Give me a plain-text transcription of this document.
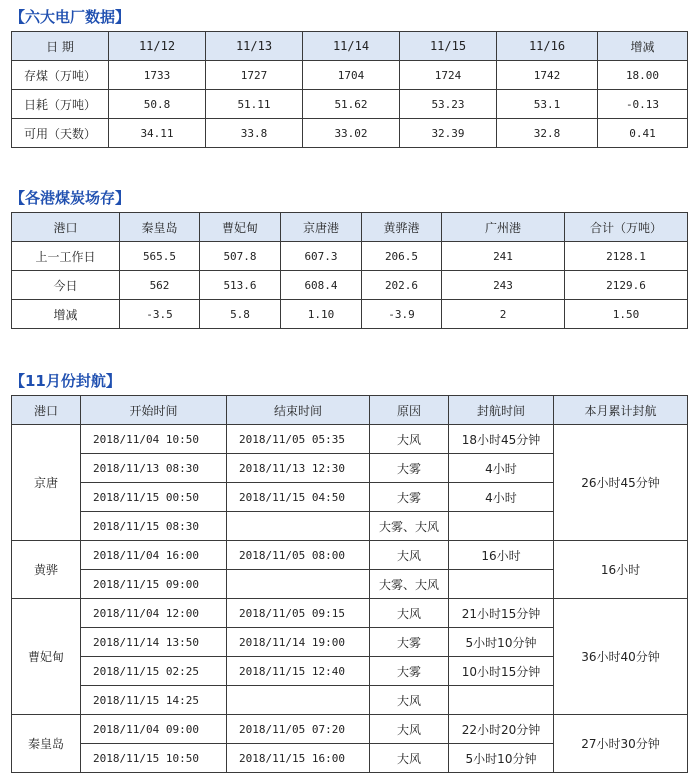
【六大电厂数据】
日 期	11/12	11/13	11/14	11/15	11/16	增减
存煤（万吨）	1733	1727	1704	1724	1742	18.00
日耗（万吨）	50.8	51.11	51.62	53.23	53.1	-0.13
可用（天数）	34.11	33.8	33.02	32.39	32.8	0.41
【各港煤炭场存】
港口	秦皇岛	曹妃甸	京唐港	黄骅港	广州港	合计（万吨）
上一工作日	565.5	507.8	607.3	206.5	241	2128.1
今日	562	513.6	608.4	202.6	243	2129.6
增减	-3.5	5.8	1.10	-3.9	2	1.50
【11月份封航】
港口	开始时间	结束时间	原因	封航时间	本月累计封航
京唐	2018/11/04 10:50	2018/11/05 05:35	大风	18小时45分钟	26小时45分钟
	2018/11/13 08:30	2018/11/13 12:30	大雾	4小时	
	2018/11/15 00:50	2018/11/15 04:50	大雾	4小时	
	2018/11/15 08:30		大雾、大风		
黄骅	2018/11/04 16:00	2018/11/05 08:00	大风	16小时	16小时
	2018/11/15 09:00		大雾、大风		
曹妃甸	2018/11/04 12:00	2018/11/05 09:15	大风	21小时15分钟	36小时40分钟
	2018/11/14 13:50	2018/11/14 19:00	大雾	5小时10分钟	
	2018/11/15 02:25	2018/11/15 12:40	大雾	10小时15分钟	
	2018/11/15 14:25		大风		
秦皇岛	2018/11/04 09:00	2018/11/05 07:20	大风	22小时20分钟	27小时30分钟
	2018/11/15 10:50	2018/11/15 16:00	大风	5小时10分钟	
